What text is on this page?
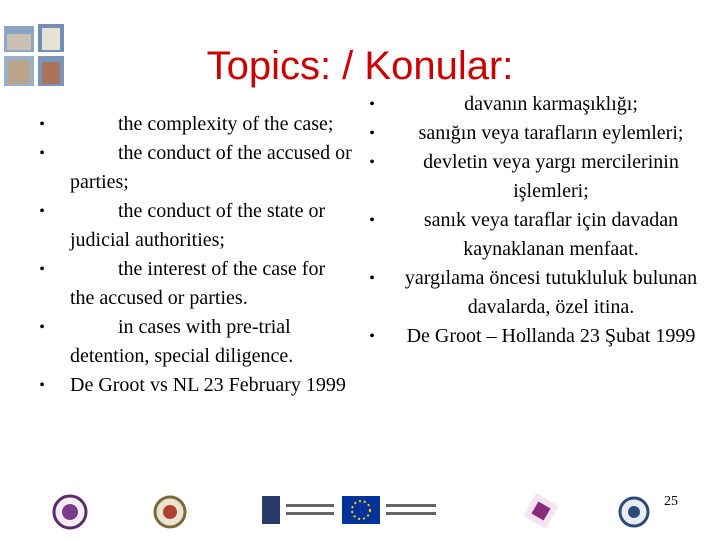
Topics: / Konular:
•	the complexity of the case;
•	the conduct of the accused or parties;
•	the conduct of the state or judicial authorities;
•	the interest of the case for the accused or parties.
•	in cases with pre-trial detention, special diligence.
•	De Groot vs NL 23 February 1999
•	davanın karmaşıklığı;
•	sanığın veya tarafların eylemleri;
•	devletin veya yargı mercilerinin işlemleri;
•	sanık veya taraflar için davadan kaynaklanan menfaat.
•	yargılama öncesi tutukluluk bulunan davalarda, özel itina.
•	De Groot – Hollanda 23 Şubat 1999
25
